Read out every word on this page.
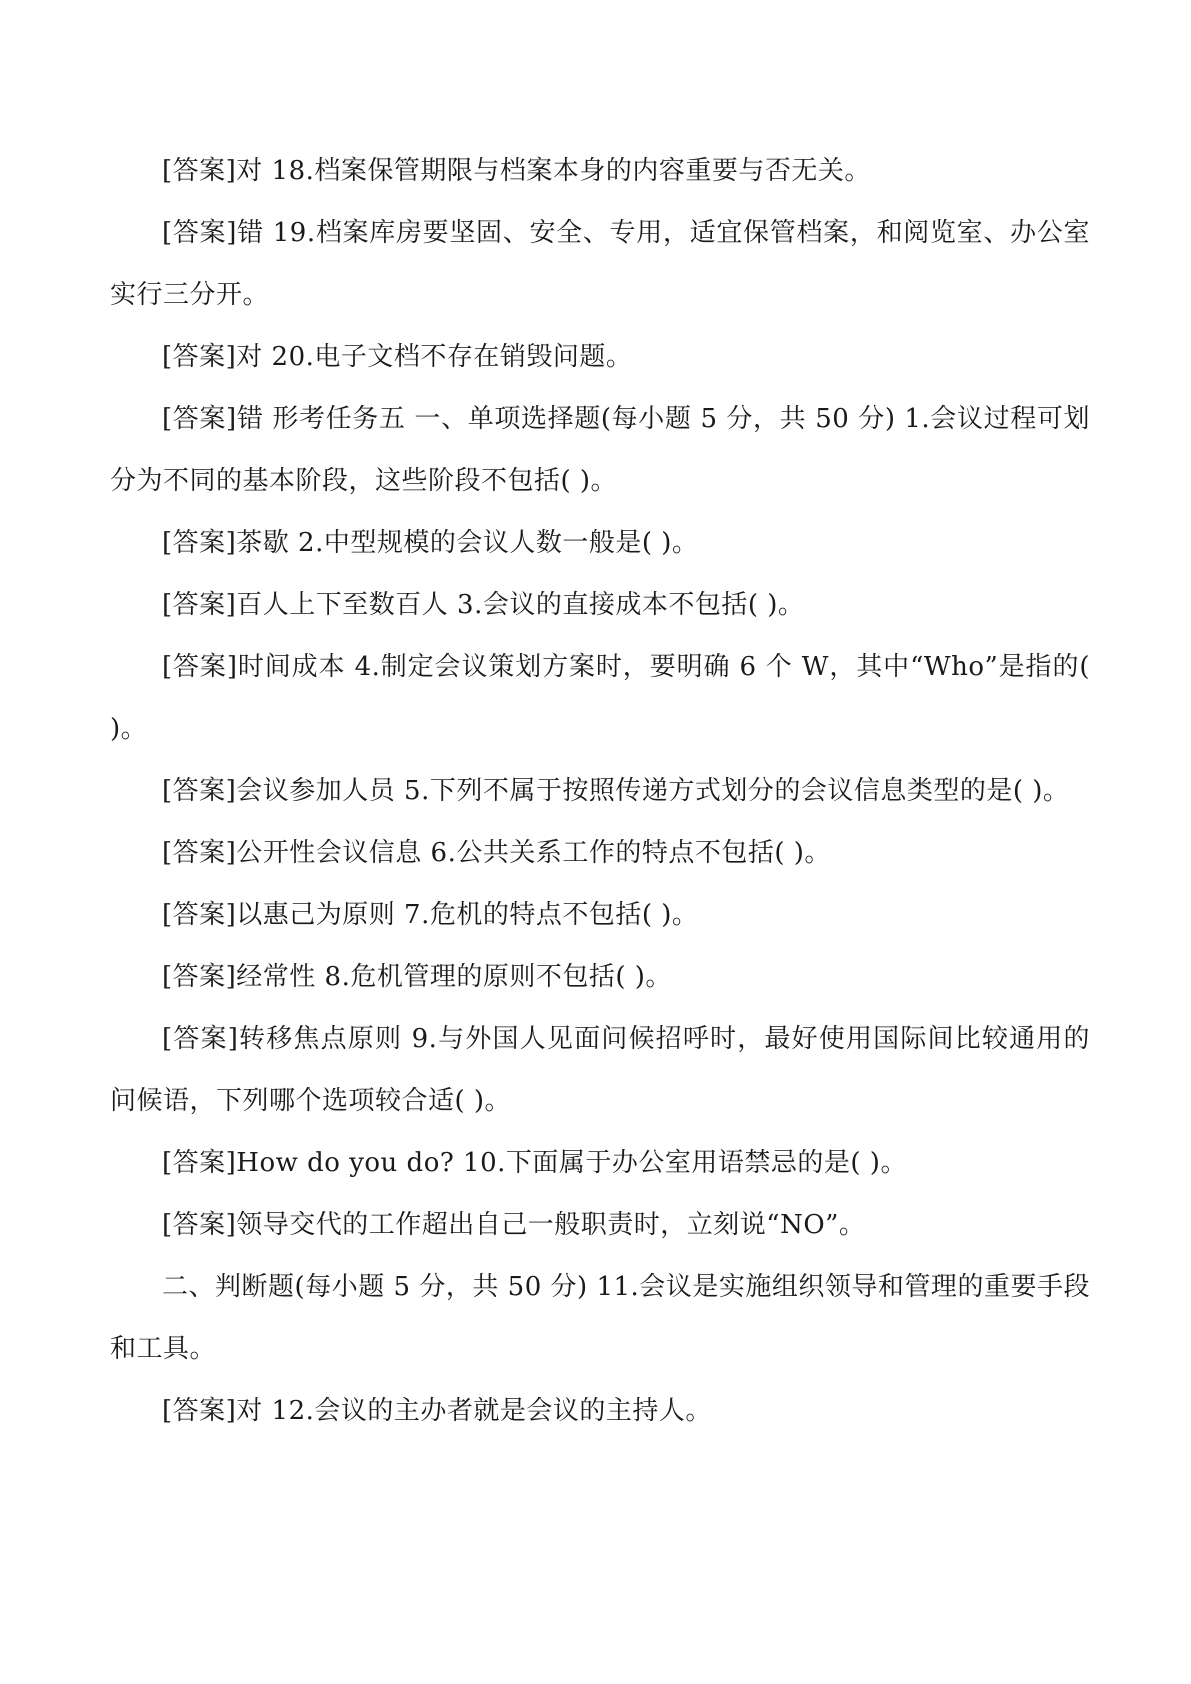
[答案]对 18.档案保管期限与档案本身的内容重要与否无关。

[答案]错 19.档案库房要坚固、安全、专用，适宜保管档案，和阅览室、办公室实行三分开。

[答案]对 20.电子文档不存在销毁问题。

[答案]错 形考任务五 一、单项选择题(每小题 5 分，共 50 分) 1.会议过程可划分为不同的基本阶段，这些阶段不包括( )。

[答案]茶歇 2.中型规模的会议人数一般是( )。

[答案]百人上下至数百人 3.会议的直接成本不包括( )。

[答案]时间成本 4.制定会议策划方案时，要明确 6 个 W，其中“Who”是指的( )。

[答案]会议参加人员 5.下列不属于按照传递方式划分的会议信息类型的是( )。

[答案]公开性会议信息 6.公共关系工作的特点不包括( )。

[答案]以惠己为原则 7.危机的特点不包括( )。

[答案]经常性 8.危机管理的原则不包括( )。

[答案]转移焦点原则 9.与外国人见面问候招呼时，最好使用国际间比较通用的问候语，下列哪个选项较合适( )。

[答案]How do you do? 10.下面属于办公室用语禁忌的是( )。

[答案]领导交代的工作超出自己一般职责时，立刻说“NO”。

二、判断题(每小题 5 分，共 50 分) 11.会议是实施组织领导和管理的重要手段和工具。

[答案]对 12.会议的主办者就是会议的主持人。
